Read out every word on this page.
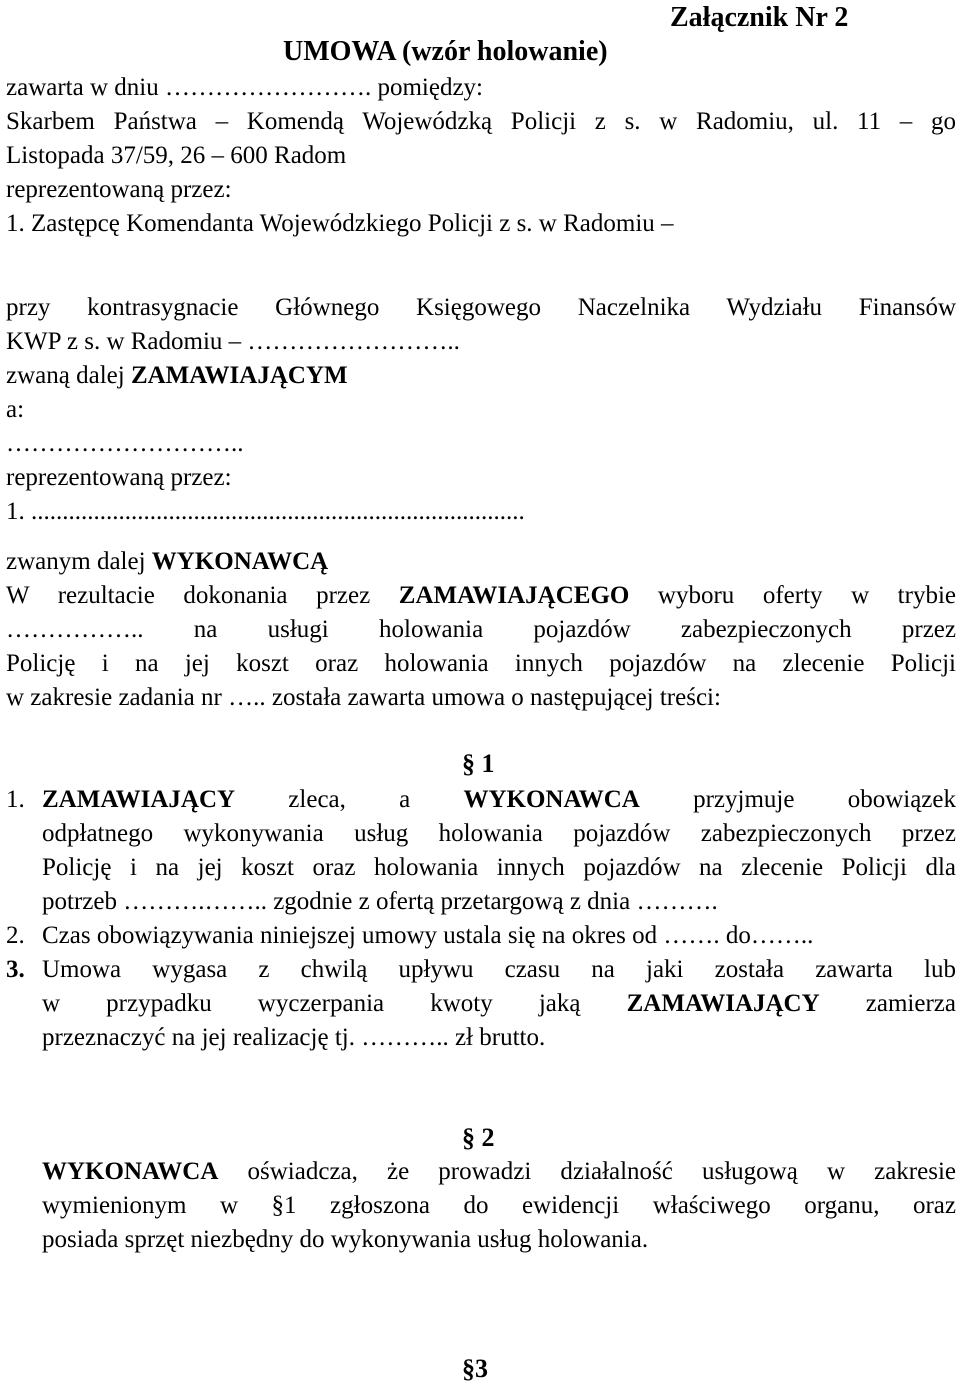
Załącznik Nr 2
UMOWA (wzór holowanie)
zawarta w dniu ……………………. pomiędzy:
Skarbem Państwa – Komendą Wojewódzką Policji z s. w Radomiu, ul. 11 – go
Listopada 37/59, 26 – 600 Radom
reprezentowaną przez:
1. Zastępcę Komendanta Wojewódzkiego Policji z s. w Radomiu –
przy kontrasygnacie Głównego Księgowego Naczelnika Wydziału Finansów
KWP z s. w Radomiu – ……………………..
zwaną dalej ZAMAWIAJĄCYM
a:
………………………..
reprezentowaną przez:
1. ...............................................................................
zwanym dalej WYKONAWCĄ
W rezultacie dokonania przez ZAMAWIAJĄCEGO wyboru oferty w trybie
…………….. na usługi holowania pojazdów zabezpieczonych przez
Policję i na jej koszt oraz holowania innych pojazdów na zlecenie Policji
w zakresie zadania nr ….. została zawarta umowa o następującej treści:
§ 1
1. ZAMAWIAJĄCY zleca, a WYKONAWCA przyjmuje obowiązek
odpłatnego wykonywania usług holowania pojazdów zabezpieczonych przez
Policję i na jej koszt oraz holowania innych pojazdów na zlecenie Policji dla
potrzeb ……….…….. zgodnie z ofertą przetargową z dnia ……….
2. Czas obowiązywania niniejszej umowy ustala się na okres od ……. do……..
3. Umowa wygasa z chwilą upływu czasu na jaki została zawarta lub
w przypadku wyczerpania kwoty jaką ZAMAWIAJĄCY zamierza
przeznaczyć na jej realizację tj. ……….. zł brutto.
§ 2
WYKONAWCA oświadcza, że prowadzi działalność usługową w zakresie
wymienionym w §1 zgłoszona do ewidencji właściwego organu, oraz
posiada sprzęt niezbędny do wykonywania usług holowania.
§3
